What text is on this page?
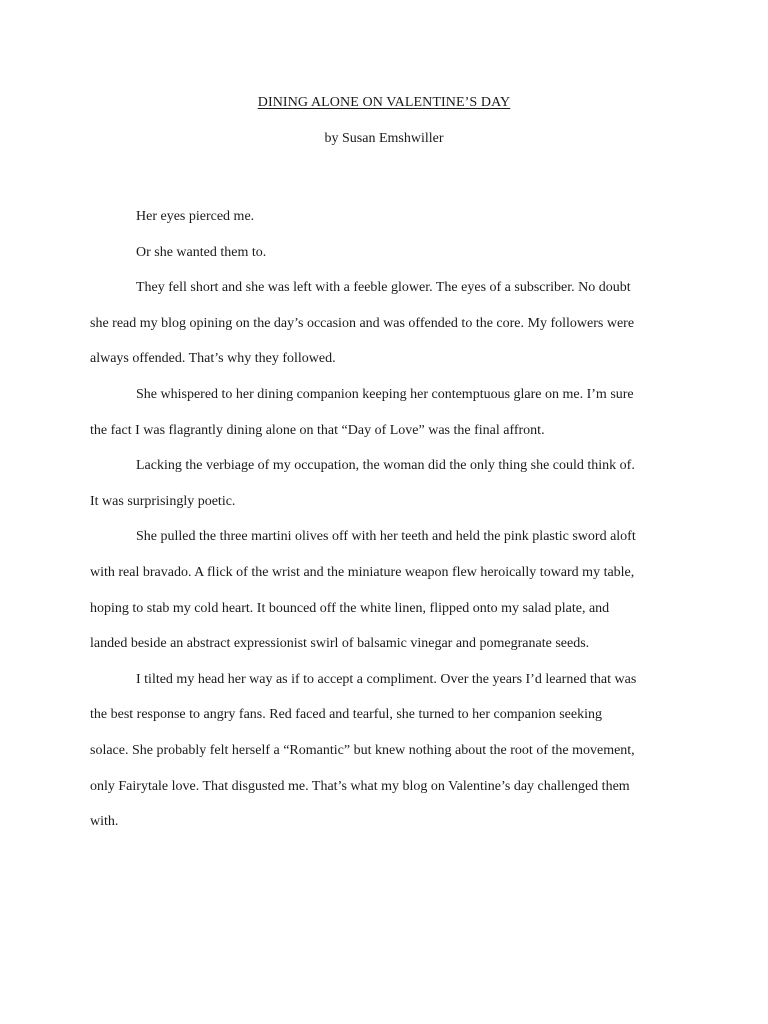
DINING ALONE ON VALENTINE’S DAY
by Susan Emshwiller

Her eyes pierced me.

Or she wanted them to.

They fell short and she was left with a feeble glower. The eyes of a subscriber. No doubt
she read my blog opining on the day’s occasion and was offended to the core. My followers were
always offended. That’s why they followed.

She whispered to her dining companion keeping her contemptuous glare on me. I’m sure
the fact I was flagrantly dining alone on that “Day of Love” was the final affront.

Lacking the verbiage of my occupation, the woman did the only thing she could think of.
It was surprisingly poetic.

She pulled the three martini olives off with her teeth and held the pink plastic sword aloft
with real bravado. A flick of the wrist and the miniature weapon flew heroically toward my table,
hoping to stab my cold heart. It bounced off the white linen, flipped onto my salad plate, and
landed beside an abstract expressionist swirl of balsamic vinegar and pomegranate seeds.

I tilted my head her way as if to accept a compliment. Over the years I’d learned that was
the best response to angry fans. Red faced and tearful, she turned to her companion seeking
solace. She probably felt herself a “Romantic” but knew nothing about the root of the movement,
only Fairytale love. That disgusted me. That’s what my blog on Valentine’s day challenged them
with.
